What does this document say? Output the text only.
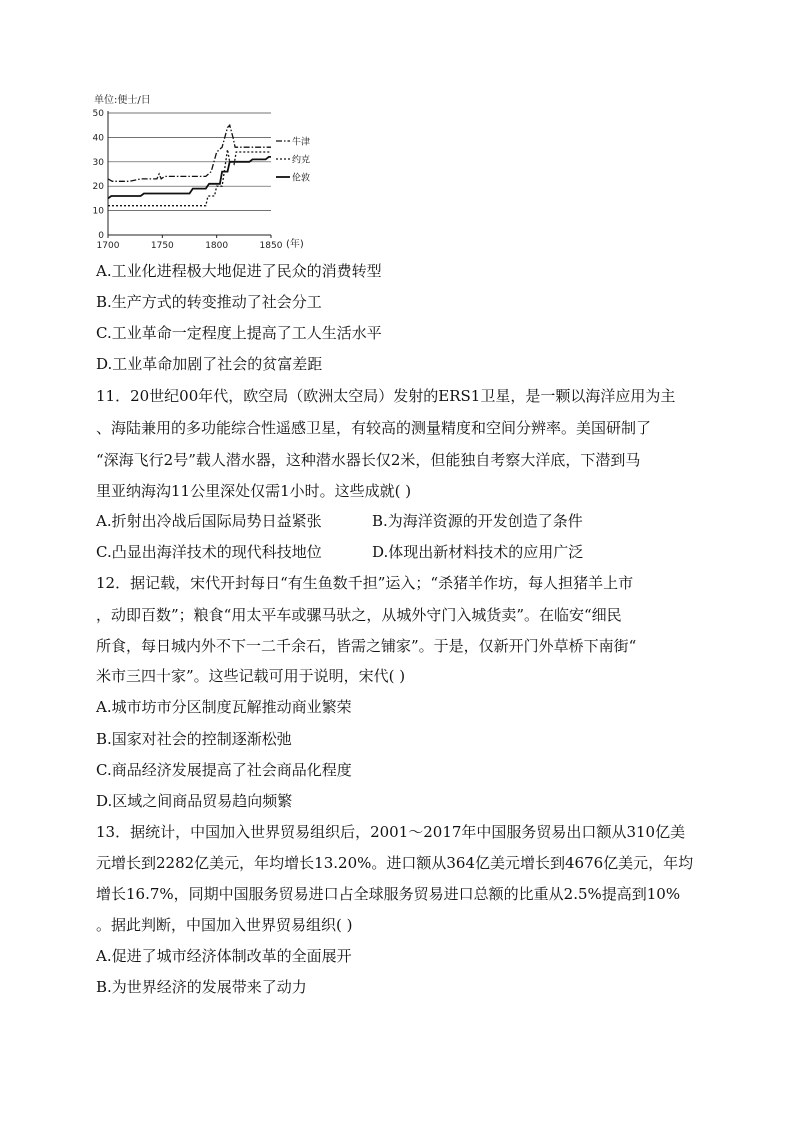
单位:便士/日
0
10
20
30
40
50
1700	1750	1800	1850
牛津
约克
伦敦
(年)
A.工业化进程极大地促进了民众的消费转型
B.生产方式的转变推动了社会分工
C.工业革命一定程度上提高了工人生活水平
D.工业革命加剧了社会的贫富差距
11．20世纪00年代，欧空局（欧洲太空局）发射的ERS1卫星，是一颗以海洋应用为主
、海陆兼用的多功能综合性遥感卫星，有较高的测量精度和空间分辨率。美国研制了
“深海飞行2号”载人潜水器，这种潜水器长仅2米，但能独自考察大洋底，下潜到马
里亚纳海沟11公里深处仅需1小时。这些成就( )
A.折射出冷战后国际局势日益紧张	B.为海洋资源的开发创造了条件
C.凸显出海洋技术的现代科技地位	D.体现出新材料技术的应用广泛
12．据记载，宋代开封每日“有生鱼数千担”运入；“杀猪羊作坊，每人担猪羊上市
，动即百数”；粮食“用太平车或骡马驮之，从城外守门入城货卖”。在临安“细民
所食，每日城内外不下一二千余石，皆需之铺家”。于是，仅新开门外草桥下南街“
米市三四十家”。这些记载可用于说明，宋代( )
A.城市坊市分区制度瓦解推动商业繁荣
B.国家对社会的控制逐渐松弛
C.商品经济发展提高了社会商品化程度
D.区域之间商品贸易趋向频繁
13．据统计，中国加入世界贸易组织后，2001～2017年中国服务贸易出口额从310亿美
元增长到2282亿美元，年均增长13.20%。进口额从364亿美元增长到4676亿美元，年均
增长16.7%，同期中国服务贸易进口占全球服务贸易进口总额的比重从2.5%提高到10%
。据此判断，中国加入世界贸易组织( )
A.促进了城市经济体制改革的全面展开
B.为世界经济的发展带来了动力
